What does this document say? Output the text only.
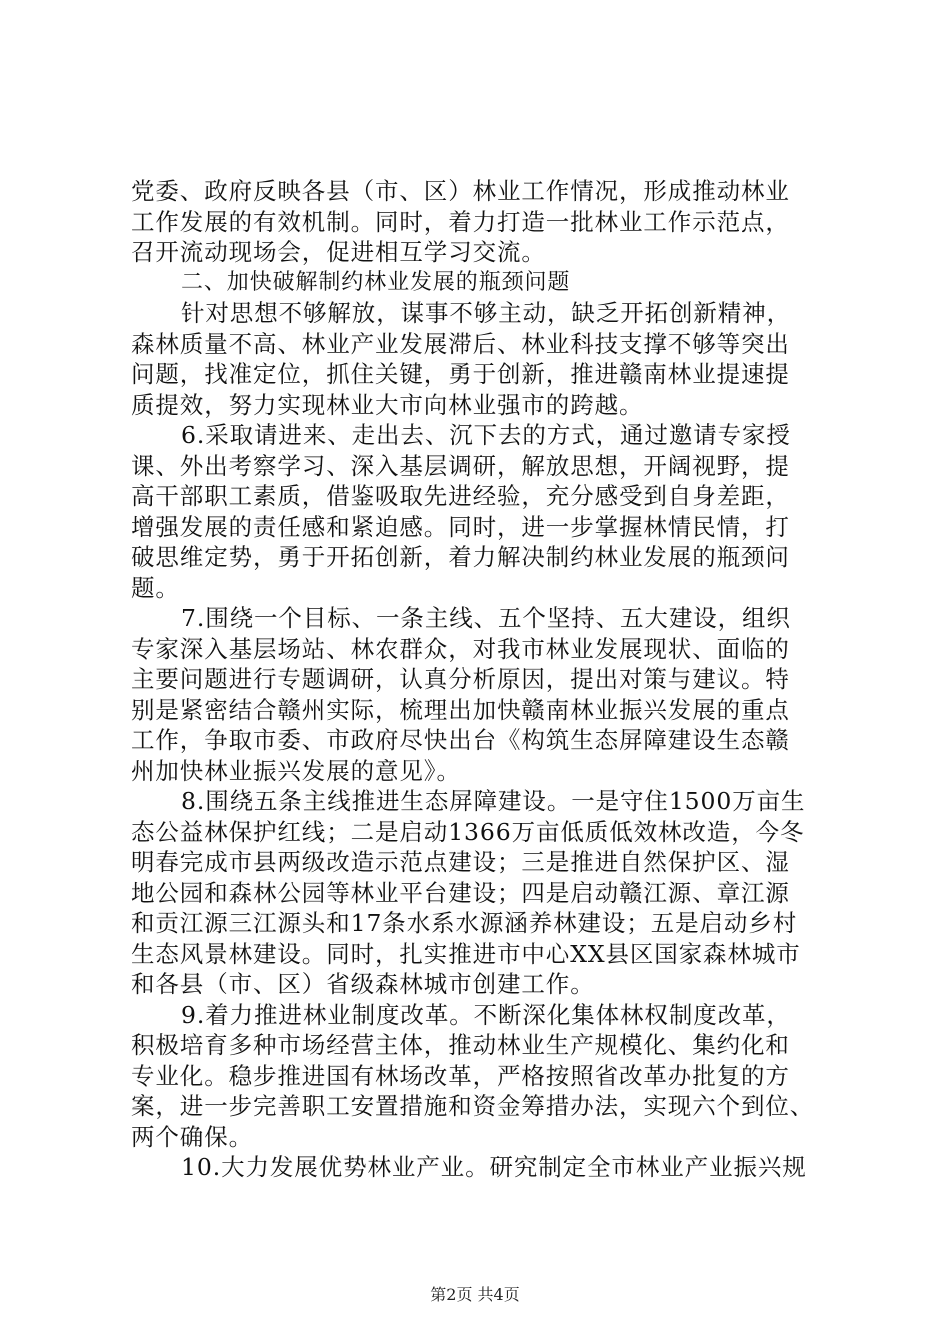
党委、政府反映各县（市、区）林业工作情况，形成推动林业
工作发展的有效机制。同时，着力打造一批林业工作示范点，
召开流动现场会，促进相互学习交流。
二、加快破解制约林业发展的瓶颈问题
针对思想不够解放，谋事不够主动，缺乏开拓创新精神，
森林质量不高、林业产业发展滞后、林业科技支撑不够等突出
问题，找准定位，抓住关键，勇于创新，推进赣南林业提速提
质提效，努力实现林业大市向林业强市的跨越。
6.采取请进来、走出去、沉下去的方式，通过邀请专家授
课、外出考察学习、深入基层调研，解放思想，开阔视野，提
高干部职工素质，借鉴吸取先进经验，充分感受到自身差距，
增强发展的责任感和紧迫感。同时，进一步掌握林情民情，打
破思维定势，勇于开拓创新，着力解决制约林业发展的瓶颈问
题。
7.围绕一个目标、一条主线、五个坚持、五大建设，组织
专家深入基层场站、林农群众，对我市林业发展现状、面临的
主要问题进行专题调研，认真分析原因，提出对策与建议。特
别是紧密结合赣州实际，梳理出加快赣南林业振兴发展的重点
工作，争取市委、市政府尽快出台《构筑生态屏障建设生态赣
州加快林业振兴发展的意见》。
8.围绕五条主线推进生态屏障建设。一是守住1500万亩生
态公益林保护红线；二是启动1366万亩低质低效林改造，今冬
明春完成市县两级改造示范点建设；三是推进自然保护区、湿
地公园和森林公园等林业平台建设；四是启动赣江源、章江源
和贡江源三江源头和17条水系水源涵养林建设；五是启动乡村
生态风景林建设。同时，扎实推进市中心XX县区国家森林城市
和各县（市、区）省级森林城市创建工作。
9.着力推进林业制度改革。不断深化集体林权制度改革，
积极培育多种市场经营主体，推动林业生产规模化、集约化和
专业化。稳步推进国有林场改革，严格按照省改革办批复的方
案，进一步完善职工安置措施和资金筹措办法，实现六个到位、
两个确保。
10.大力发展优势林业产业。研究制定全市林业产业振兴规
第2页 共4页
